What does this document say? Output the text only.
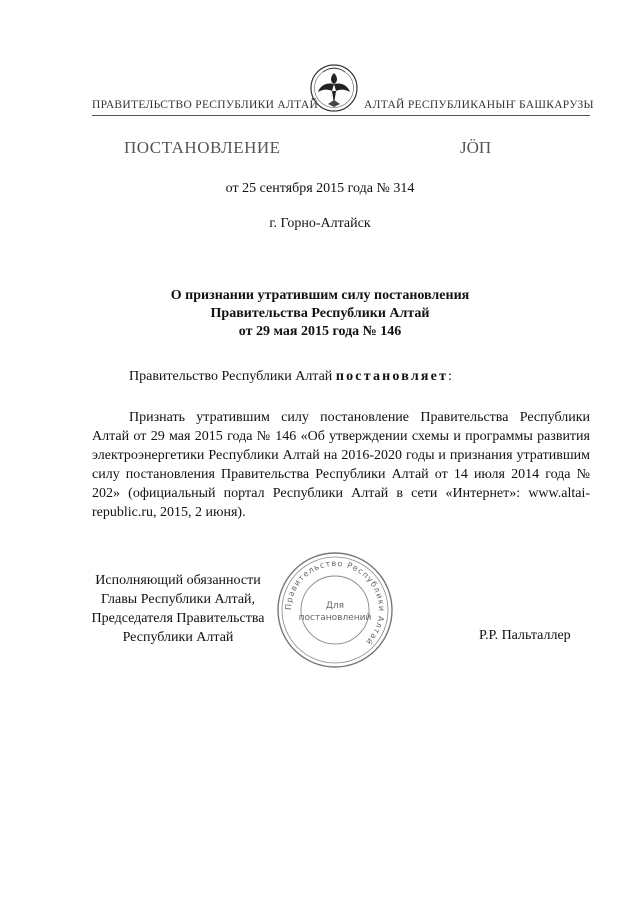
ПРАВИТЕЛЬСТВО РЕСПУБЛИКИ АЛТАЙ	АЛТАЙ РЕСПУБЛИКАНЫҤ БАШКАРУЗЫ
ПОСТАНОВЛЕНИЕ	ЈӦП
от 25 сентября 2015 года № 314
г. Горно-Алтайск
О признании утратившим силу постановления
Правительства Республики Алтай
от 29 мая 2015 года № 146
Правительство Республики Алтай постановляет:
Признать утратившим силу постановление Правительства Республики Алтай от 29 мая 2015 года № 146 «Об утверждении схемы и программы развития электроэнергетики Республики Алтай на 2016-2020 годы и признания утратившим силу постановления Правительства Республики Алтай от 14 июля 2014 года № 202» (официальный портал Республики Алтай в сети «Интернет»: www.altai-republic.ru, 2015, 2 июня).
Исполняющий обязанности
Главы Республики Алтай,
Председателя Правительства
Республики Алтай
Правительство Республики Алтай
Для
постановлений
Р.Р. Пальталлер
